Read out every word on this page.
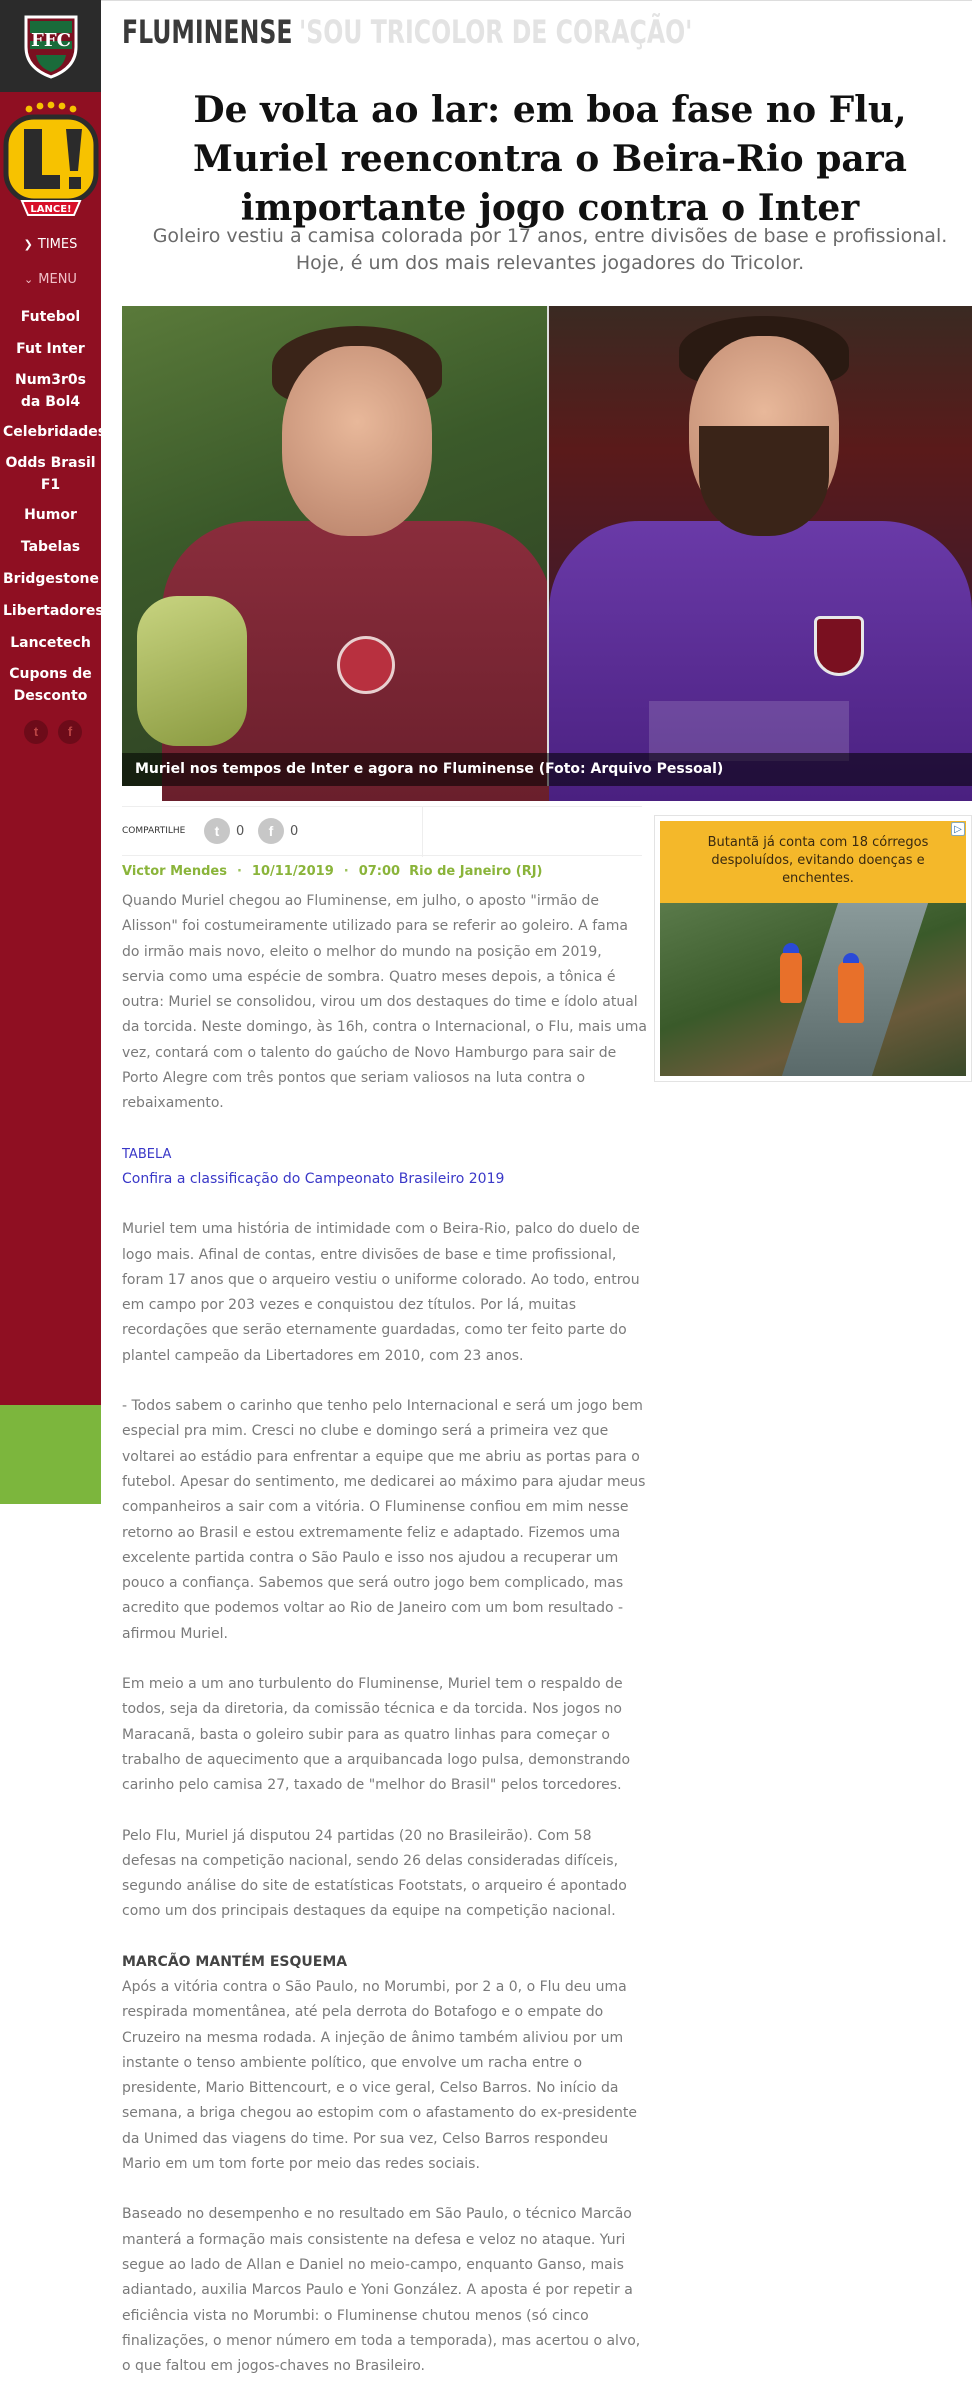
FFC
LANCE!
❯ TIMES
⌄ MENU
Futebol
Fut Inter
Num3r0s da Bol4
Celebridades
Odds Brasil F1
Humor
Tabelas
Bridgestone
Libertadores
Lancetech
Cupons de Desconto
t	f
FLUMINENSE 'SOU TRICOLOR DE CORAÇÃO'
De volta ao lar: em boa fase no Flu, Muriel reencontra o Beira-Rio para importante jogo contra o Inter

Goleiro vestiu a camisa colorada por 17 anos, entre divisões de base e profissional. Hoje, é um dos mais relevantes jogadores do Tricolor.

Muriel nos tempos de Inter e agora no Fluminense (Foto: Arquivo Pessoal)
COMPARTILHE	t	0	f	0
Victor Mendes · 10/11/2019 · 07:00 Rio de Janeiro (RJ)

Quando Muriel chegou ao Fluminense, em julho, o aposto "irmão de Alisson" foi costumeiramente utilizado para se referir ao goleiro. A fama do irmão mais novo, eleito o melhor do mundo na posição em 2019, servia como uma espécie de sombra. Quatro meses depois, a tônica é outra: Muriel se consolidou, virou um dos destaques do time e ídolo atual da torcida. Neste domingo, às 16h, contra o Internacional, o Flu, mais uma vez, contará com o talento do gaúcho de Novo Hamburgo para sair de Porto Alegre com três pontos que seriam valiosos na luta contra o rebaixamento.

TABELA
Confira a classificação do Campeonato Brasileiro 2019

Muriel tem uma história de intimidade com o Beira-Rio, palco do duelo de logo mais. Afinal de contas, entre divisões de base e time profissional, foram 17 anos que o arqueiro vestiu o uniforme colorado. Ao todo, entrou em campo por 203 vezes e conquistou dez títulos. Por lá, muitas recordações que serão eternamente guardadas, como ter feito parte do plantel campeão da Libertadores em 2010, com 23 anos.

- Todos sabem o carinho que tenho pelo Internacional e será um jogo bem especial pra mim. Cresci no clube e domingo será a primeira vez que voltarei ao estádio para enfrentar a equipe que me abriu as portas para o futebol. Apesar do sentimento, me dedicarei ao máximo para ajudar meus companheiros a sair com a vitória. O Fluminense confiou em mim nesse retorno ao Brasil e estou extremamente feliz e adaptado. Fizemos uma excelente partida contra o São Paulo e isso nos ajudou a recuperar um pouco a confiança. Sabemos que será outro jogo bem complicado, mas acredito que podemos voltar ao Rio de Janeiro com um bom resultado - afirmou Muriel.

Em meio a um ano turbulento do Fluminense, Muriel tem o respaldo de todos, seja da diretoria, da comissão técnica e da torcida. Nos jogos no Maracanã, basta o goleiro subir para as quatro linhas para começar o trabalho de aquecimento que a arquibancada logo pulsa, demonstrando carinho pelo camisa 27, taxado de "melhor do Brasil" pelos torcedores.

Pelo Flu, Muriel já disputou 24 partidas (20 no Brasileirão). Com 58 defesas na competição nacional, sendo 26 delas consideradas difíceis, segundo análise do site de estatísticas Footstats, o arqueiro é apontado como um dos principais destaques da equipe na competição nacional.

MARCÃO MANTÉM ESQUEMA

Após a vitória contra o São Paulo, no Morumbi, por 2 a 0, o Flu deu uma respirada momentânea, até pela derrota do Botafogo e o empate do Cruzeiro na mesma rodada. A injeção de ânimo também aliviou por um instante o tenso ambiente político, que envolve um racha entre o presidente, Mario Bittencourt, e o vice geral, Celso Barros. No início da semana, a briga chegou ao estopim com o afastamento do ex-presidente da Unimed das viagens do time. Por sua vez, Celso Barros respondeu Mario em um tom forte por meio das redes sociais.

Baseado no desempenho e no resultado em São Paulo, o técnico Marcão manterá a formação mais consistente na defesa e veloz no ataque. Yuri segue ao lado de Allan e Daniel no meio-campo, enquanto Ganso, mais adiantado, auxilia Marcos Paulo e Yoni González. A aposta é por repetir a eficiência vista no Morumbi: o Fluminense chutou menos (só cinco finalizações, o menor número em toda a temporada), mas acertou o alvo, o que faltou em jogos-chaves no Brasileiro.

Butantã já conta com 18 córregos despoluídos, evitando doenças e enchentes.
▷
